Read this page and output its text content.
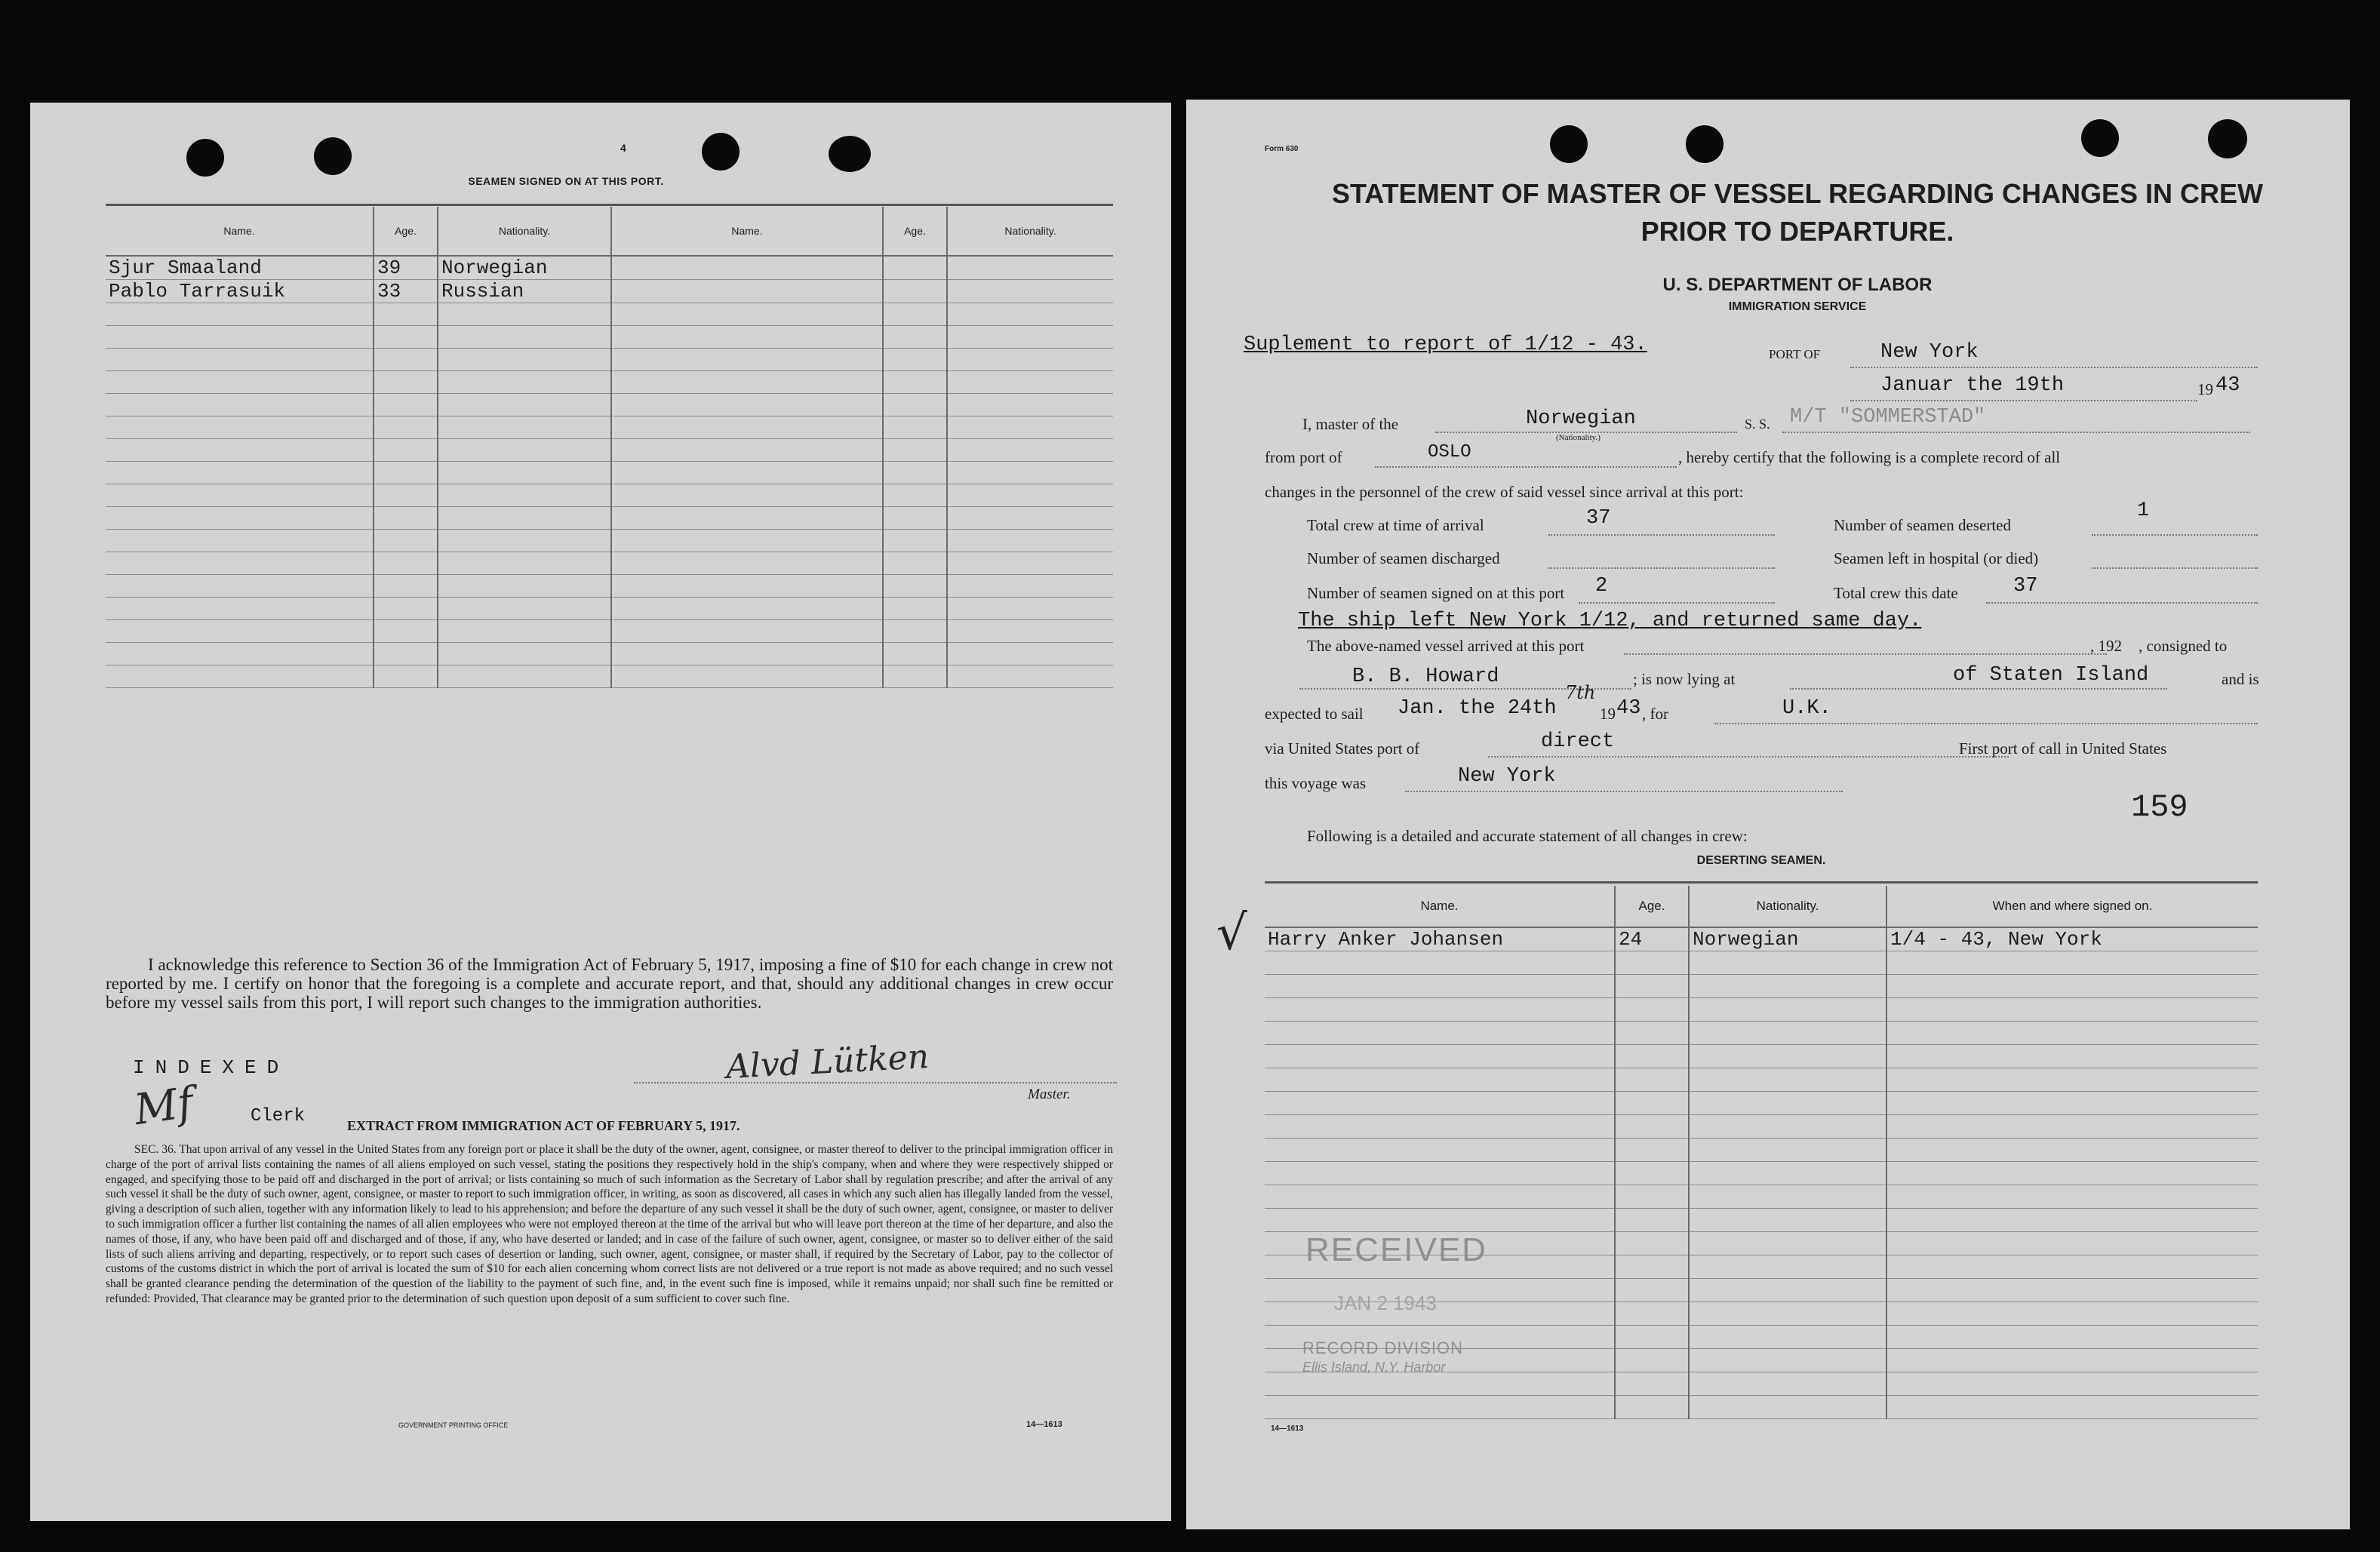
4
SEAMEN SIGNED ON AT THIS PORT.
Name.	Age.	Nationality.	Name.	Age.	Nationality.
Sjur Smaaland	39	Norwegian			
Pablo Tarrasuik	33	Russian			

I acknowledge this reference to Section 36 of the Immigration Act of February 5, 1917, imposing a fine of $10 for each change in crew not reported by me. I certify on honor that the foregoing is a complete and accurate report, and that, should any additional changes in crew occur before my vessel sails from this port, I will report such changes to the immigration authorities.
INDEXED
Mf	Clerk
Alvd Lütken
Master.
EXTRACT FROM IMMIGRATION ACT OF FEBRUARY 5, 1917.
SEC. 36. That upon arrival of any vessel in the United States from any foreign port or place it shall be the duty of the owner, agent, consignee, or master thereof to deliver to the principal immigration officer in charge of the port of arrival lists containing the names of all aliens employed on such vessel, stating the positions they respectively hold in the ship's company, when and where they were respectively shipped or engaged, and specifying those to be paid off and discharged in the port of arrival; or lists containing so much of such information as the Secretary of Labor shall by regulation prescribe; and after the arrival of any such vessel it shall be the duty of such owner, agent, consignee, or master to report to such immigration officer, in writing, as soon as discovered, all cases in which any such alien has illegally landed from the vessel, giving a description of such alien, together with any information likely to lead to his apprehension; and before the departure of any such vessel it shall be the duty of such owner, agent, consignee, or master to deliver to such immigration officer a further list containing the names of all alien employees who were not employed thereon at the time of the arrival but who will leave port thereon at the time of her departure, and also the names of those, if any, who have been paid off and discharged and of those, if any, who have deserted or landed; and in case of the failure of such owner, agent, consignee, or master so to deliver either of the said lists of such aliens arriving and departing, respectively, or to report such cases of desertion or landing, such owner, agent, consignee, or master shall, if required by the Secretary of Labor, pay to the collector of customs of the customs district in which the port of arrival is located the sum of $10 for each alien concerning whom correct lists are not delivered or a true report is not made as above required; and no such vessel shall be granted clearance pending the determination of the question of the liability to the payment of such fine, and, in the event such fine is imposed, while it remains unpaid; nor shall such fine be remitted or refunded: Provided, That clearance may be granted prior to the determination of such question upon deposit of a sum sufficient to cover such fine.
GOVERNMENT PRINTING OFFICE	14—1613
Form 630
STATEMENT OF MASTER OF VESSEL REGARDING CHANGES IN CREW
PRIOR TO DEPARTURE.
U. S. DEPARTMENT OF LABOR
IMMIGRATION SERVICE
Suplement to report of 1/12 - 43.	PORT OF	New York
Januar the 19th	19 43
I, master of the	Norwegian
(Nationality.)
S. S. M/T "SOMMERSTAD"
from port of	OSLO	, hereby certify that the following is a complete record of all
changes in the personnel of the crew of said vessel since arrival at this port:
Total crew at time of arrival	37	Number of seamen deserted
1
Number of seamen discharged	Seamen left in hospital (or died)
Number of seamen signed on at this port 2	Total crew this date	37
The ship left New York 1/12, and returned same day.
The above-named vessel arrived at this port	, 192 , consigned to
B. B. Howard	; is now lying at	of Staten Island	and is
expected to sail Jan. the 24th
7th
19 43 , for	U.K.
via United States port of	direct	First port of call in United States
this voyage was	New York
159
Following is a detailed and accurate statement of all changes in crew:
DESERTING SEAMEN.
√	Name.	Age.	Nationality.	When and where signed on.
Harry Anker Johansen	24	Norwegian	1/4 - 43, New York

RECEIVED
JAN 2 1943
RECORD DIVISION
Ellis Island, N.Y. Harbor
14—1613
